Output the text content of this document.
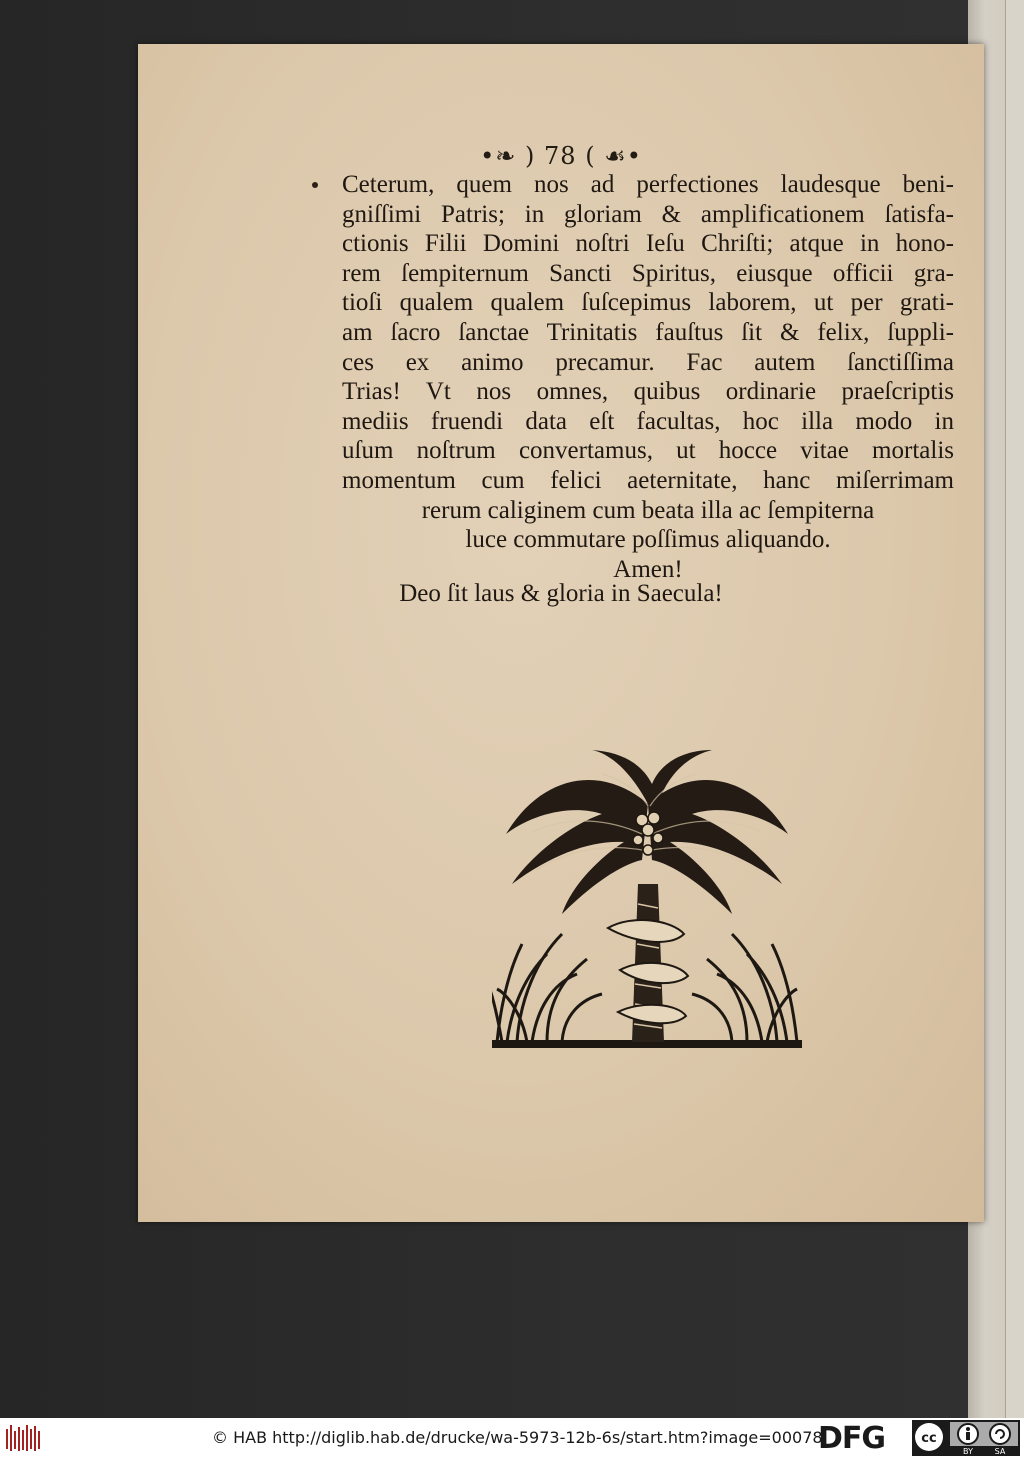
•❧ ) 78 ( ☙•
Ceterum, quem nos ad perfectiones laudesque beni-
gniſſimi Patris; in gloriam & amplificationem ſatisfa-
ctionis Filii Domini noſtri Ieſu Chriſti; atque in hono-
rem ſempiternum Sancti Spiritus, eiusque officii gra-
tioſi qualem qualem ſuſcepimus laborem, ut per grati-
am ſacro ſanctae Trinitatis fauſtus ſit & felix, ſuppli-
ces ex animo precamur. Fac autem ſanctiſſima
Trias! Vt nos omnes, quibus ordinarie praeſcriptis
mediis fruendi data eſt facultas, hoc illa modo in
uſum noſtrum convertamus, ut hocce vitae mortalis
momentum cum felici aeternitate, hanc miſerrimam
rerum caliginem cum beata illa ac ſempiterna
luce commutare poſſimus aliquando.
Amen!
Deo ſit laus & gloria in Saecula!
© HAB http://diglib.hab.de/drucke/wa-5973-12b-6s/start.htm?image=00078
DFG	cc
BY	SA
